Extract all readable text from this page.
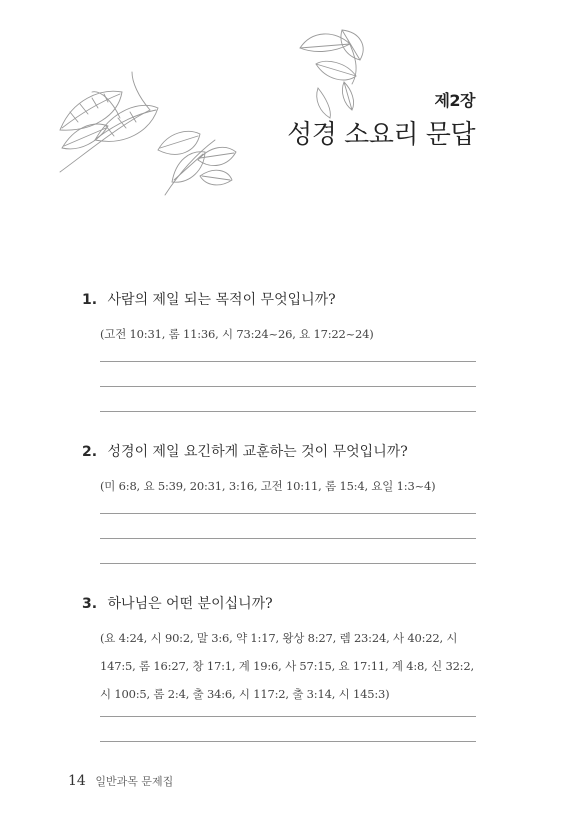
제2장
성경 소요리 문답
1. 사람의 제일 되는 목적이 무엇입니까?
(고전 10:31, 롬 11:36, 시 73:24~26, 요 17:22~24)
2. 성경이 제일 요긴하게 교훈하는 것이 무엇입니까?
(미 6:8, 요 5:39, 20:31, 3:16, 고전 10:11, 롬 15:4, 요일 1:3~4)
3. 하나님은 어떤 분이십니까?
(요 4:24, 시 90:2, 말 3:6, 약 1:17, 왕상 8:27, 렘 23:24, 사 40:22, 시 147:5, 롬 16:27, 창 17:1, 계 19:6, 사 57:15, 요 17:11, 계 4:8, 신 32:2, 시 100:5, 롬 2:4, 출 34:6, 시 117:2, 출 3:14, 시 145:3)
14 일반과목 문제집
